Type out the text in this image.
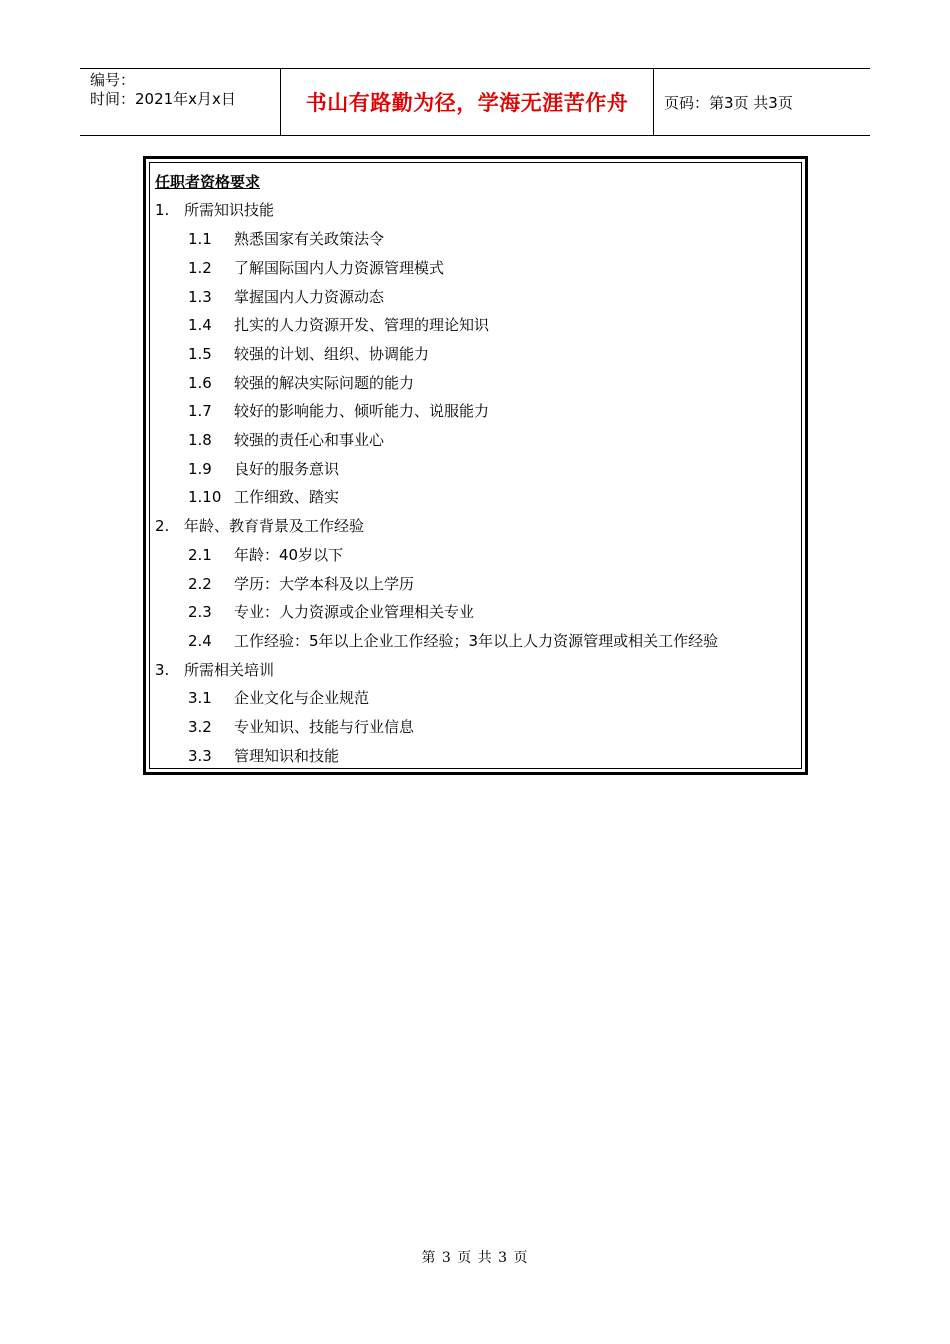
编号：
时间：2021年x月x日	书山有路勤为径，学海无涯苦作舟	页码：第3页 共3页
任职者资格要求
1. 所需知识技能
1.1 熟悉国家有关政策法令
1.2 了解国际国内人力资源管理模式
1.3 掌握国内人力资源动态
1.4 扎实的人力资源开发、管理的理论知识
1.5 较强的计划、组织、协调能力
1.6 较强的解决实际问题的能力
1.7 较好的影响能力、倾听能力、说服能力
1.8 较强的责任心和事业心
1.9 良好的服务意识
1.10 工作细致、踏实
2. 年龄、教育背景及工作经验
2.1 年龄：40岁以下
2.2 学历：大学本科及以上学历
2.3 专业：人力资源或企业管理相关专业
2.4 工作经验：5年以上企业工作经验；3年以上人力资源管理或相关工作经验
3. 所需相关培训
3.1 企业文化与企业规范
3.2 专业知识、技能与行业信息
3.3 管理知识和技能
第 3 页 共 3 页
